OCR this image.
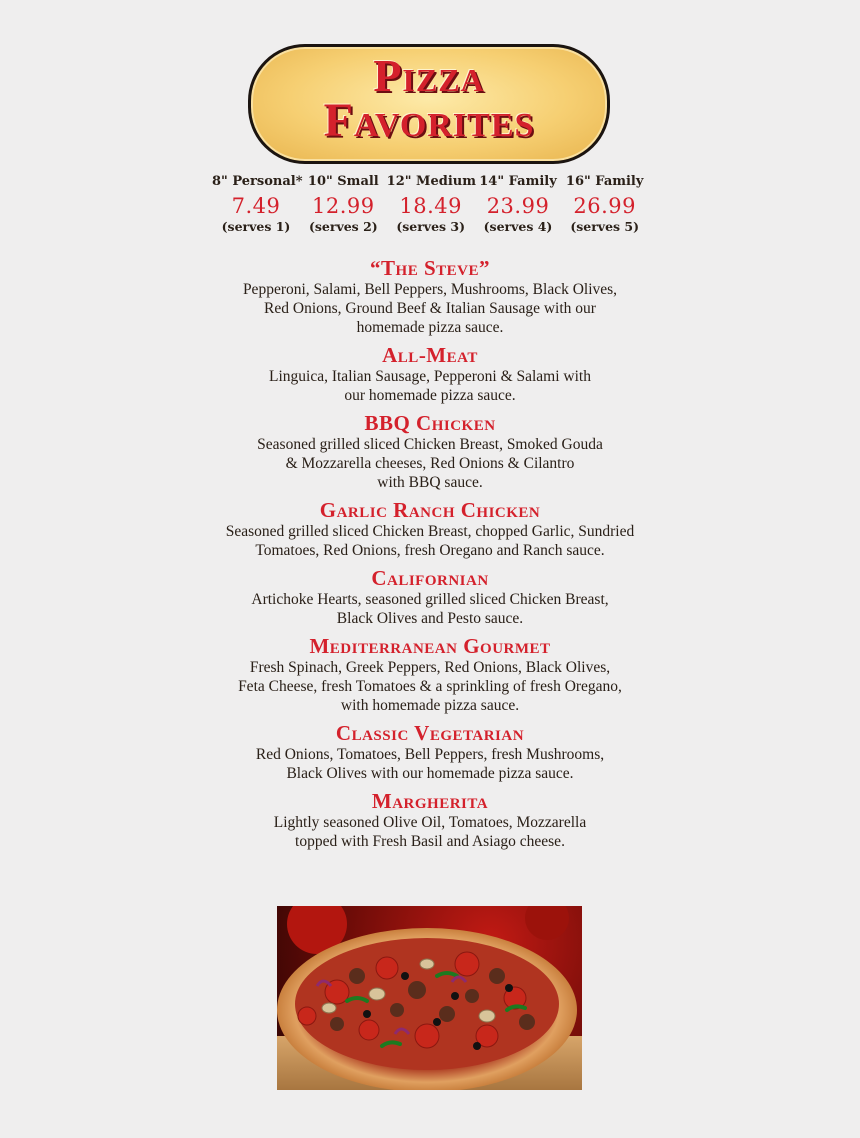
Pizza
Favorites
8" Personal*
7.49
(serves 1)
10" Small
12.99
(serves 2)
12" Medium
18.49
(serves 3)
14" Family
23.99
(serves 4)
16" Family
26.99
(serves 5)
“The Steve”
Pepperoni, Salami, Bell Peppers, Mushrooms, Black Olives,
Red Onions, Ground Beef & Italian Sausage with our
homemade pizza sauce.
All-Meat
Linguica, Italian Sausage, Pepperoni & Salami with
our homemade pizza sauce.
BBQ Chicken
Seasoned grilled sliced Chicken Breast, Smoked Gouda
& Mozzarella cheeses, Red Onions & Cilantro
with BBQ sauce.
Garlic Ranch Chicken
Seasoned grilled sliced Chicken Breast, chopped Garlic, Sundried
Tomatoes, Red Onions, fresh Oregano and Ranch sauce.
Californian
Artichoke Hearts, seasoned grilled sliced Chicken Breast,
Black Olives and Pesto sauce.
Mediterranean Gourmet
Fresh Spinach, Greek Peppers, Red Onions, Black Olives,
Feta Cheese, fresh Tomatoes & a sprinkling of fresh Oregano,
with homemade pizza sauce.
Classic Vegetarian
Red Onions, Tomatoes, Bell Peppers, fresh Mushrooms,
Black Olives with our homemade pizza sauce.
Margherita
Lightly seasoned Olive Oil, Tomatoes, Mozzarella
topped with Fresh Basil and Asiago cheese.
